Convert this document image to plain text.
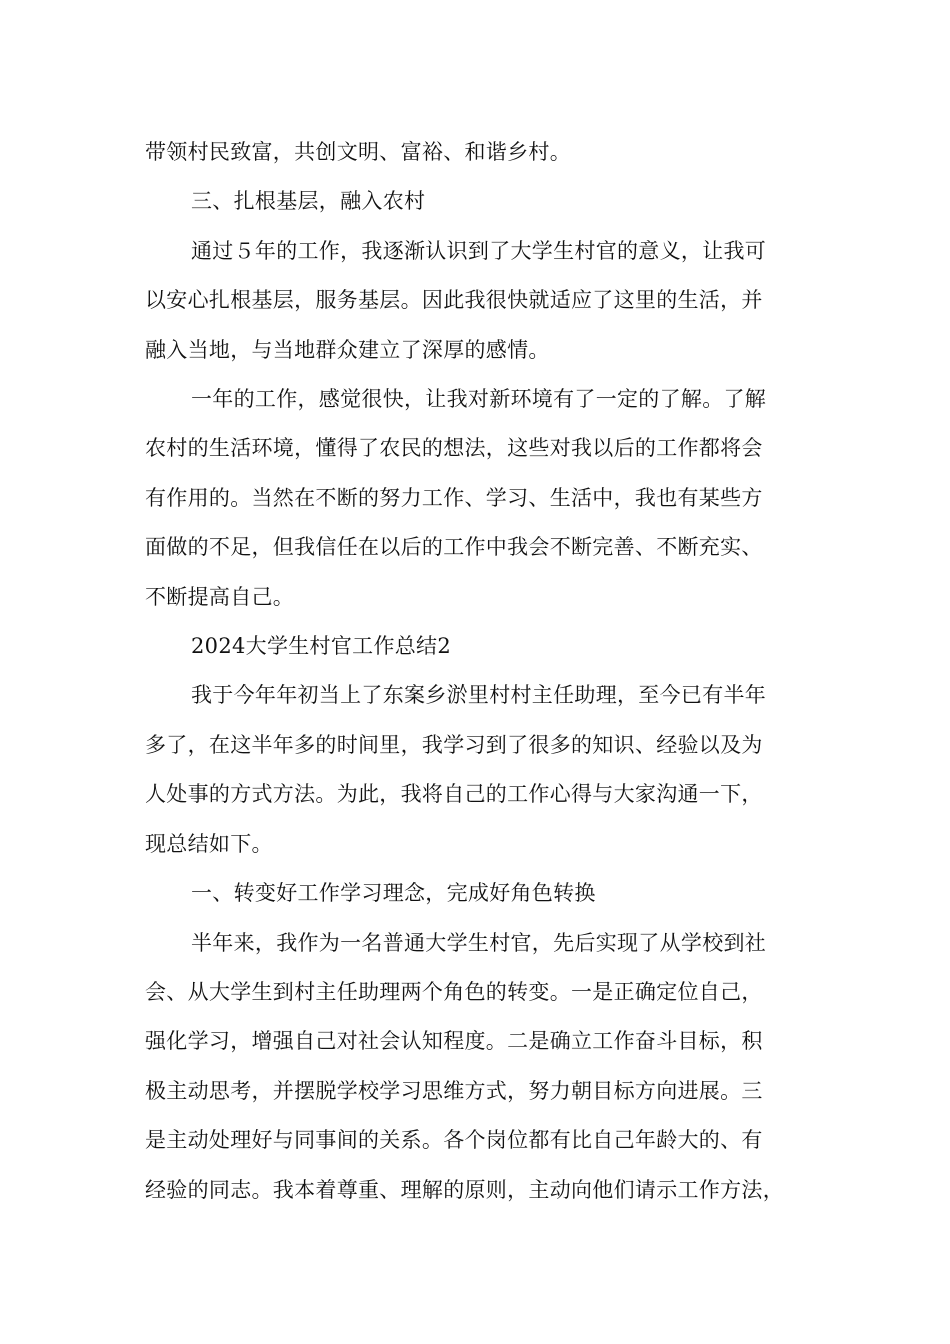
带领村民致富，共创文明、富裕、和谐乡村。

三、扎根基层，融入农村

通过５年的工作，我逐渐认识到了大学生村官的意义，让我可
以安心扎根基层，服务基层。因此我很快就适应了这里的生活，并
融入当地，与当地群众建立了深厚的感情。

一年的工作，感觉很快，让我对新环境有了一定的了解。了解
农村的生活环境，懂得了农民的想法，这些对我以后的工作都将会
有作用的。当然在不断的努力工作、学习、生活中，我也有某些方
面做的不足，但我信任在以后的工作中我会不断完善、不断充实、
不断提高自己。

2024大学生村官工作总结2

我于今年年初当上了东案乡淤里村村主任助理，至今已有半年
多了，在这半年多的时间里，我学习到了很多的知识、经验以及为
人处事的方式方法。为此，我将自己的工作心得与大家沟通一下，
现总结如下。

一、转变好工作学习理念，完成好角色转换

半年来，我作为一名普通大学生村官，先后实现了从学校到社
会、从大学生到村主任助理两个角色的转变。一是正确定位自己，
强化学习，增强自己对社会认知程度。二是确立工作奋斗目标，积
极主动思考，并摆脱学校学习思维方式，努力朝目标方向进展。三
是主动处理好与同事间的关系。各个岗位都有比自己年龄大的、有
经验的同志。我本着尊重、理解的原则，主动向他们请示工作方法，
